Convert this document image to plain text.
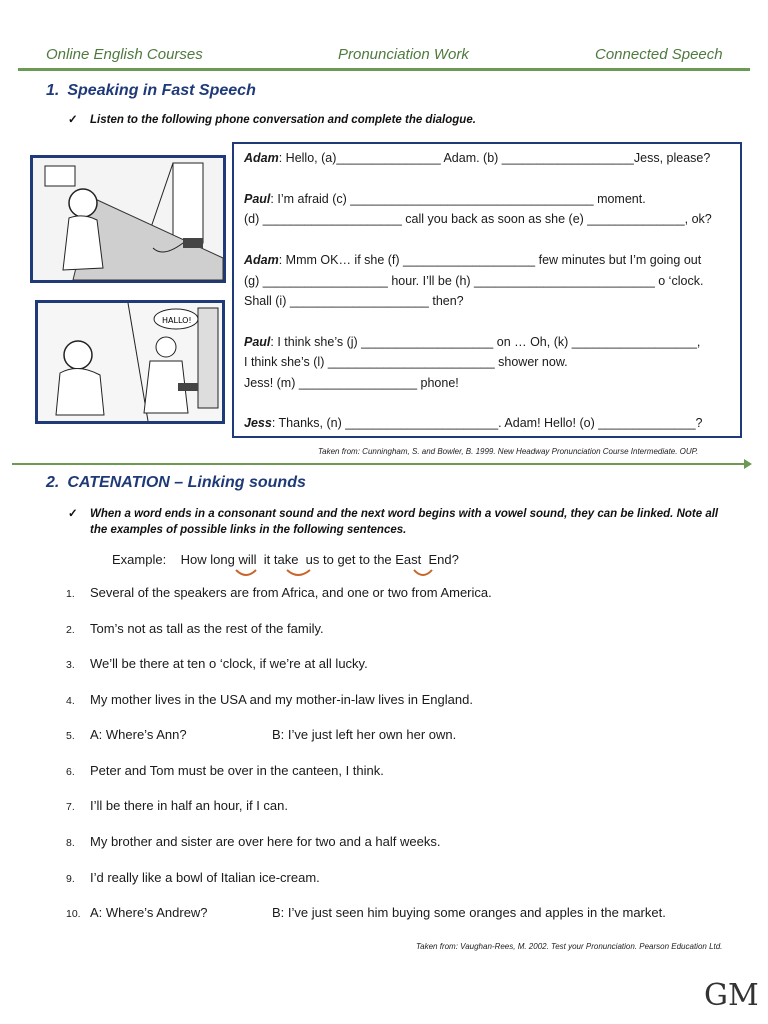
Online English Courses	Pronunciation Work	Connected Speech
1. Speaking in Fast Speech
✓ Listen to the following phone conversation and complete the dialogue.
HALLO!
Adam: Hello, (a)_______________ Adam. (b) ___________________Jess, please?
Paul: I’m afraid (c) ___________________________________ moment.
(d) ____________________ call you back as soon as she (e) ______________, ok?
Adam: Mmm OK… if she (f) ___________________ few minutes but I’m going out
(g) __________________ hour. I’ll be (h) __________________________ o ‘clock.
Shall (i) ____________________ then?
Paul: I think she’s (j) ___________________ on … Oh, (k) __________________,
I think she’s (l) ________________________ shower now.
Jess! (m) _________________ phone!
Jess: Thanks, (n) ______________________. Adam! Hello! (o) ______________?
Taken from: Cunningham, S. and Bowler, B. 1999. New Headway Pronunciation Course Intermediate. OUP.
2. CATENATION – Linking sounds
✓ When a word ends in a consonant sound and the next word begins with a vowel sound, they can be linked. Note all
the examples of possible links in the following sentences.
Example: How long will  it take  us to get to the East  End?
1. Several of the speakers are from Africa, and one or two from America.
2. Tom’s not as tall as the rest of the family.
3. We’ll be there at ten o ‘clock, if we’re at all lucky.
4. My mother lives in the USA and my mother-in-law lives in England.
5. A: Where’s Ann?	B: I’ve just left her own her own.
6. Peter and Tom must be over in the canteen, I think.
7. I’ll be there in half an hour, if I can.
8. My brother and sister are over here for two and a half weeks.
9. I’d really like a bowl of Italian ice-cream.
10. A: Where’s Andrew?	B: I’ve just seen him buying some oranges and apples in the market.
Taken from: Vaughan-Rees, M. 2002. Test your Pronunciation. Pearson Education Ltd.
GM
